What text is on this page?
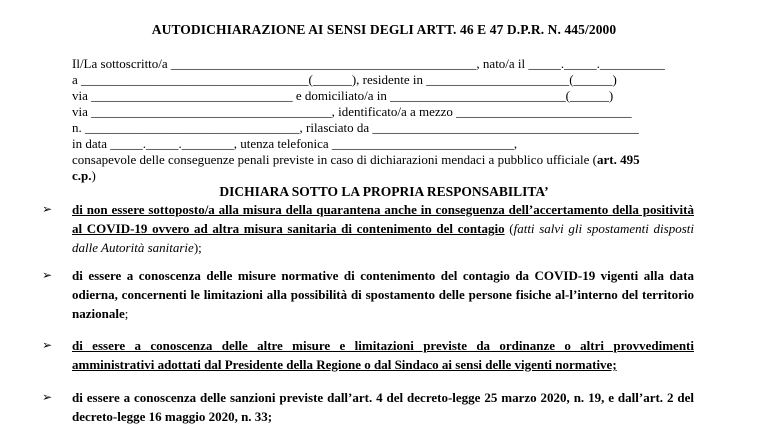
AUTODICHIARAZIONE AI SENSI DEGLI ARTT. 46 E 47 D.P.R. N. 445/2000
Il/La sottoscritto/a _______________________________________________, nato/a il _____._____.__________
a ___________________________________(______), residente in ______________________(______)
via _______________________________ e domiciliato/a in ___________________________(______)
via _____________________________________, identificato/a a mezzo ___________________________
n. _________________________________, rilasciato da _________________________________________
in data _____._____.________, utenza telefonica ____________________________,
consapevole delle conseguenze penali previste in caso di dichiarazioni mendaci a pubblico ufficiale (art. 495
c.p.)
DICHIARA SOTTO LA PROPRIA RESPONSABILITA’
➢ di non essere sottoposto/a alla misura della quarantena anche in conseguenza dell’accertamento della positività al COVID-19 ovvero ad altra misura sanitaria di contenimento del contagio (fatti salvi gli spostamenti disposti dalle Autorità sanitarie);

➢ di essere a conoscenza delle misure normative di contenimento del contagio da COVID-19 vigenti alla data odierna, concernenti le limitazioni alla possibilità di spostamento delle persone fisiche al-l’interno del territorio nazionale;

➢ di essere a conoscenza delle altre misure e limitazioni previste da ordinanze o altri provvedimenti amministrativi adottati dal Presidente della Regione o dal Sindaco ai sensi delle vigenti normative;

➢ di essere a conoscenza delle sanzioni previste dall’art. 4 del decreto-legge 25 marzo 2020, n. 19, e dall’art. 2 del decreto-legge 16 maggio 2020, n. 33;
